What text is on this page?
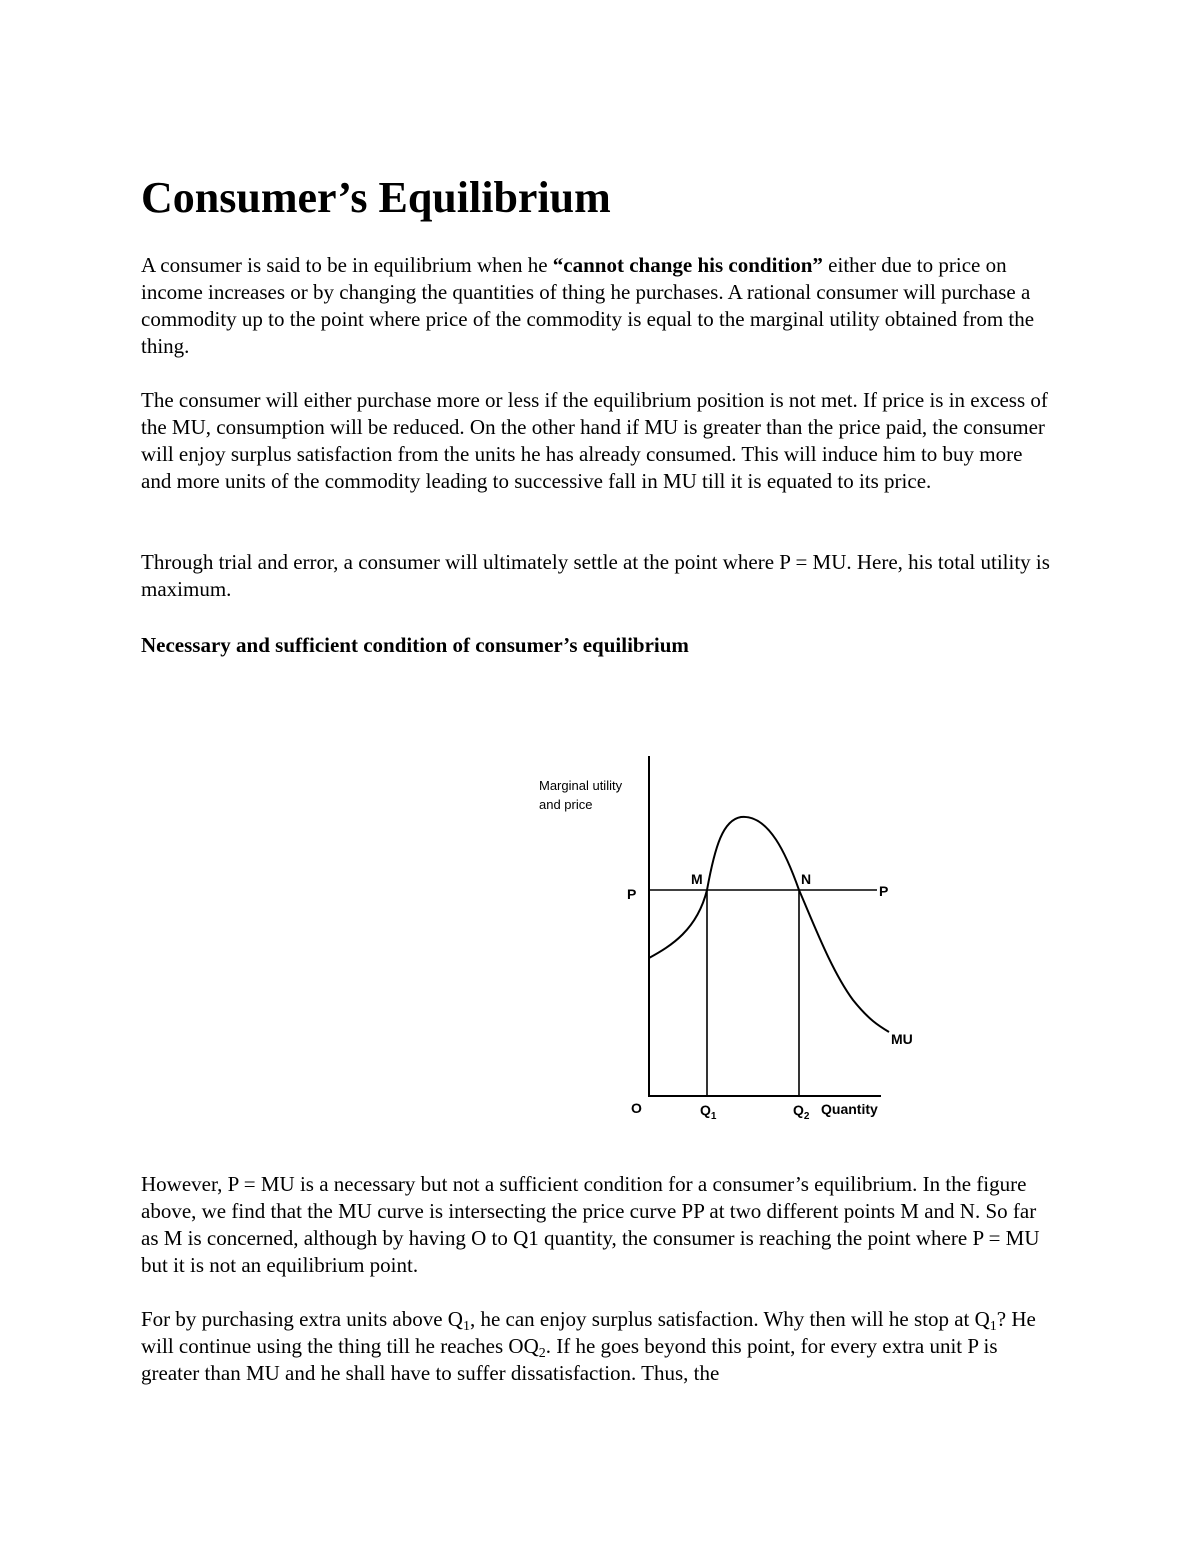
Consumer’s Equilibrium

A consumer is said to be in equilibrium when he “cannot change his condition” either due to price on income increases or by changing the quantities of thing he purchases. A rational consumer will purchase a commodity up to the point where price of the commodity is equal to the marginal utility obtained from the thing.

The consumer will either purchase more or less if the equilibrium position is not met. If price is in excess of the MU, consumption will be reduced. On the other hand if MU is greater than the price paid, the consumer will enjoy surplus satisfaction from the units he has already consumed. This will induce him to buy more and more units of the commodity leading to successive fall in MU till it is equated to its price.

Through trial and error, a consumer will ultimately settle at the point where P = MU. Here, his total utility is maximum.

Necessary and sufficient condition of consumer’s equilibrium

Marginal utility
and price
P	P
M	N
MU
O	$Q_1$	$Q_2$ Quantity

However, P = MU is a necessary but not a sufficient condition for a consumer’s equilibrium. In the figure above, we find that the MU curve is intersecting the price curve PP at two different points M and N. So far as M is concerned, although by having O to Q1 quantity, the consumer is reaching the point where P = MU but it is not an equilibrium point.

For by purchasing extra units above Q1, he can enjoy surplus satisfaction. Why then will he stop at Q1? He will continue using the thing till he reaches OQ2. If he goes beyond this point, for every extra unit P is greater than MU and he shall have to suffer dissatisfaction. Thus, the
